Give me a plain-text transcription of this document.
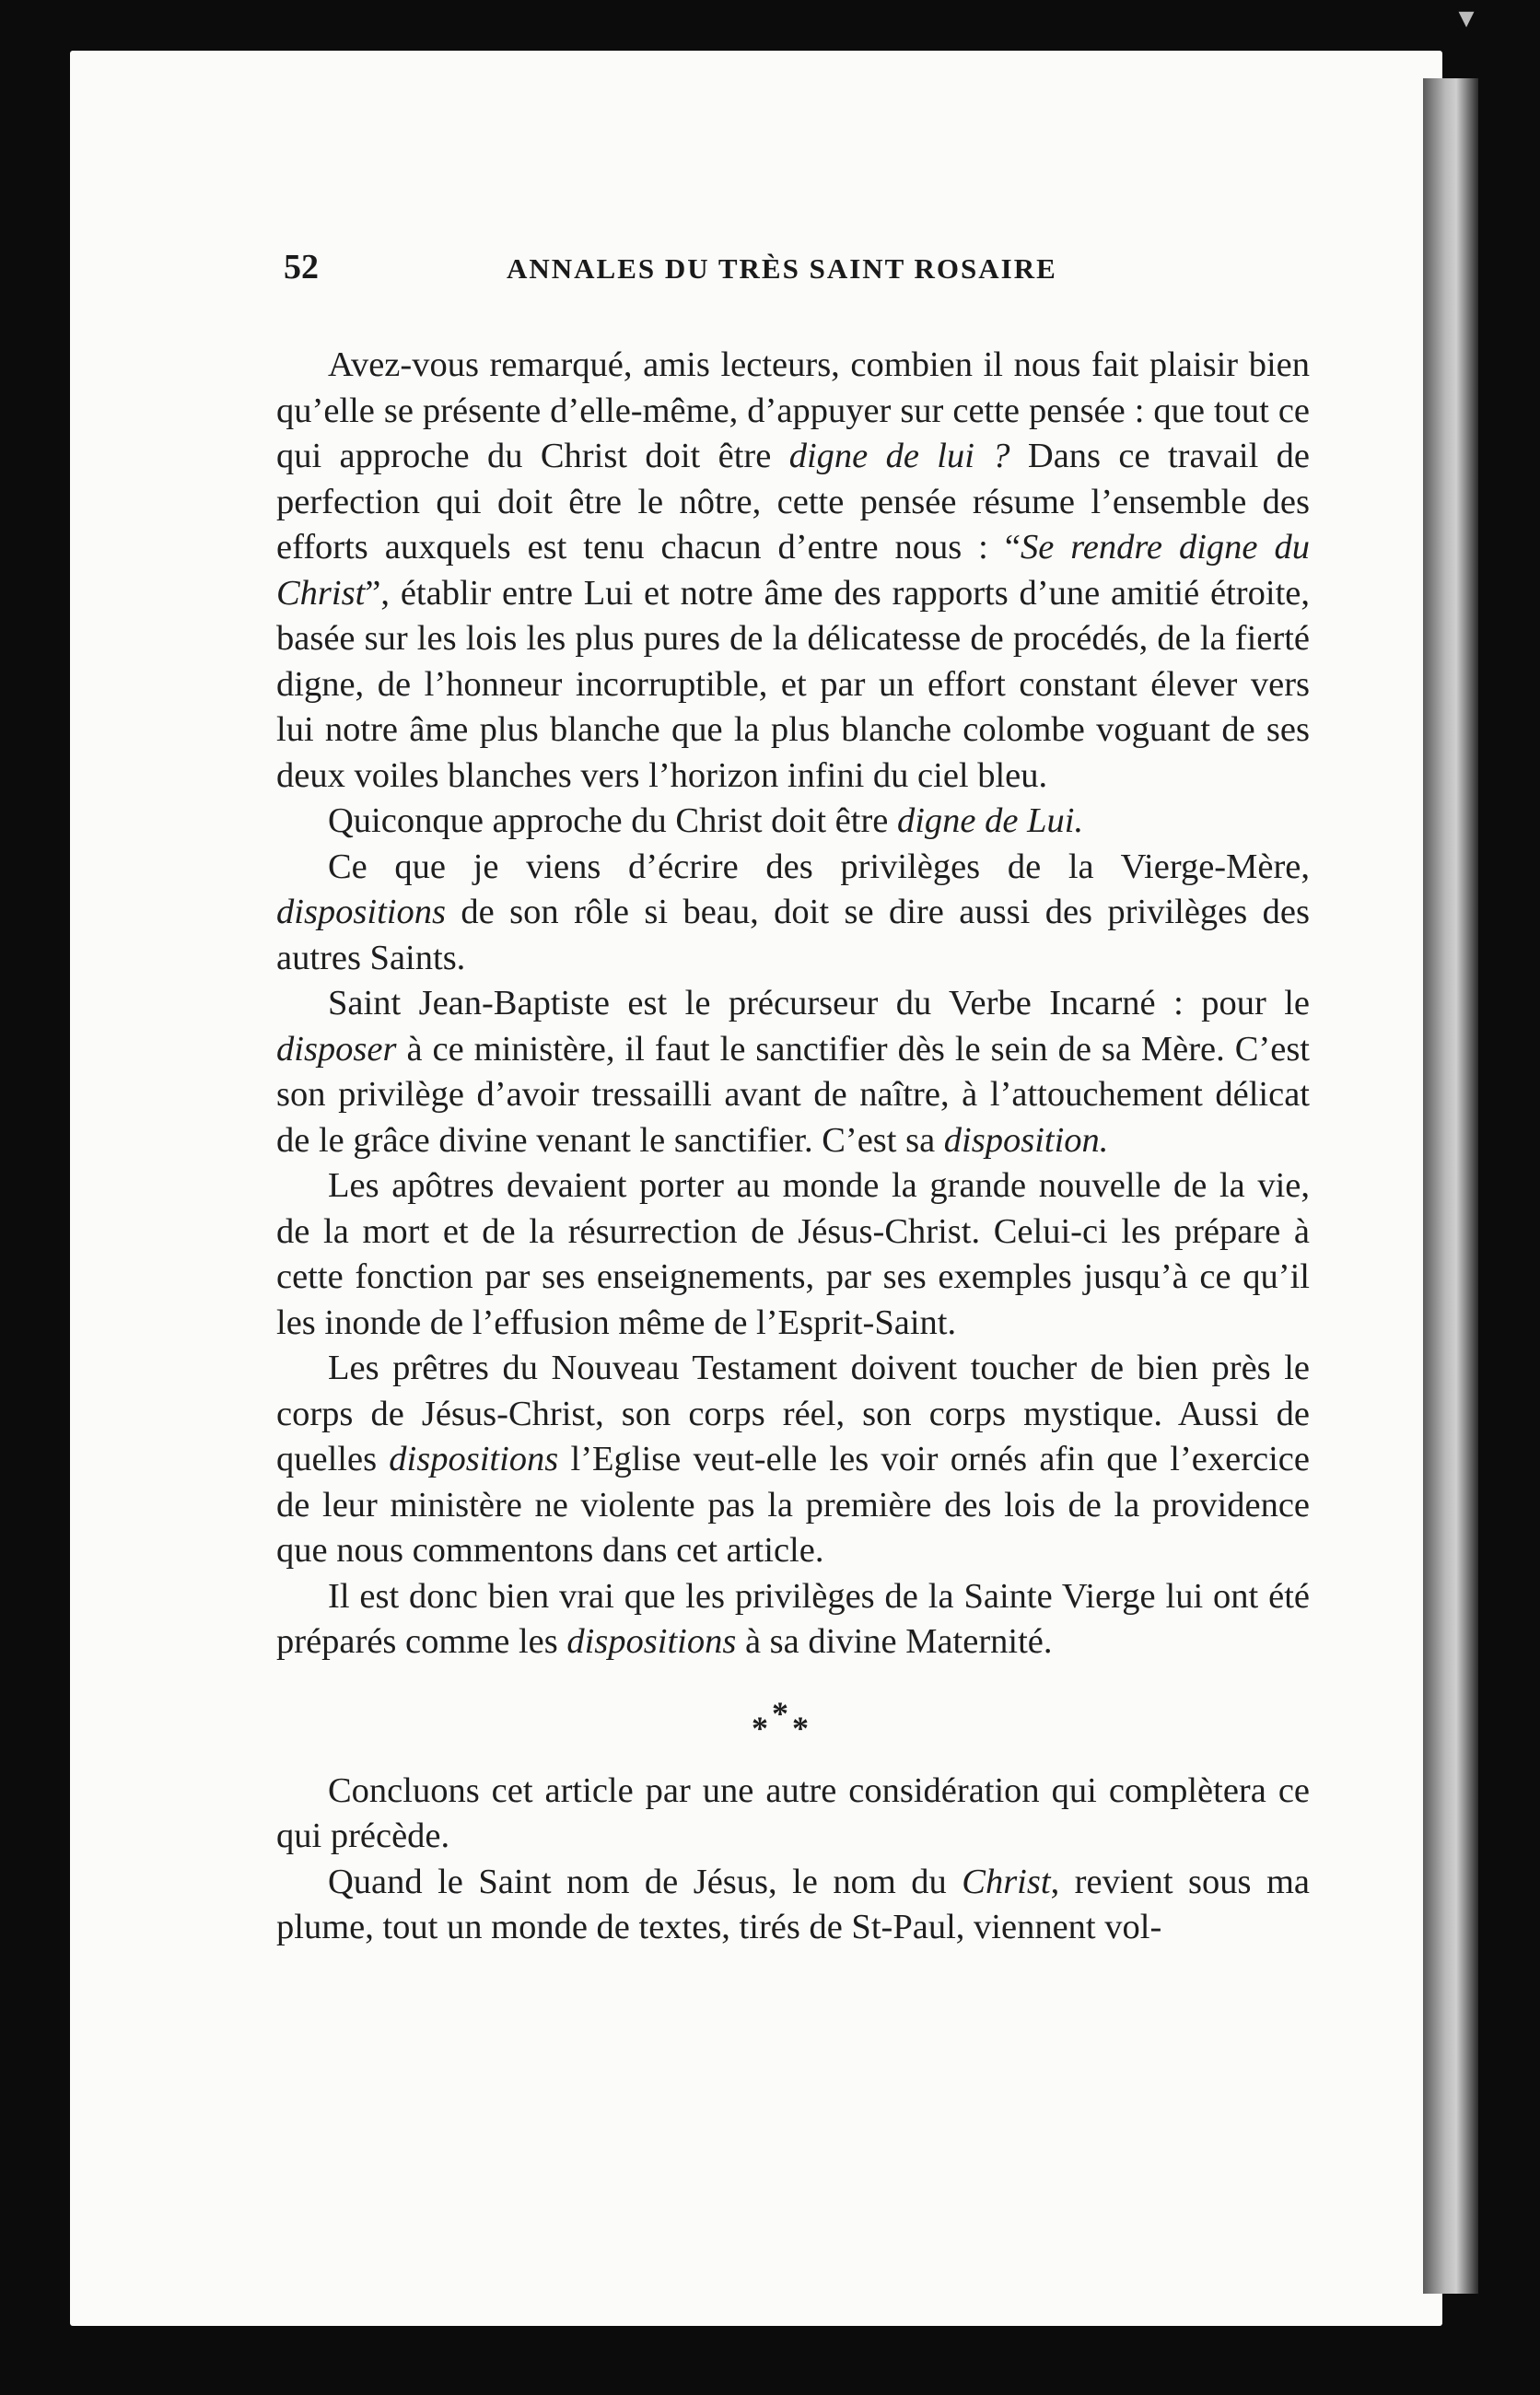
▾
52	ANNALES DU TRÈS SAINT ROSAIRE

Avez-vous remarqué, amis lecteurs, combien il nous fait plaisir bien qu’elle se présente d’elle-même, d’appuyer sur cette pensée : que tout ce qui approche du Christ doit être digne de lui ? Dans ce travail de perfection qui doit être le nôtre, cette pensée résume l’ensemble des efforts auxquels est tenu chacun d’entre nous : “Se rendre digne du Christ”, établir entre Lui et notre âme des rapports d’une amitié étroite, basée sur les lois les plus pures de la délicatesse de procédés, de la fierté digne, de l’honneur incorruptible, et par un effort constant élever vers lui notre âme plus blanche que la plus blanche colombe voguant de ses deux voiles blanches vers l’horizon infini du ciel bleu.

Quiconque approche du Christ doit être digne de Lui.

Ce que je viens d’écrire des privilèges de la Vierge-Mère, dispositions de son rôle si beau, doit se dire aussi des privilèges des autres Saints.

Saint Jean-Baptiste est le précurseur du Verbe Incarné : pour le disposer à ce ministère, il faut le sanctifier dès le sein de sa Mère. C’est son privilège d’avoir tressailli avant de naître, à l’attouchement délicat de le grâce divine venant le sanctifier. C’est sa disposition.

Les apôtres devaient porter au monde la grande nouvelle de la vie, de la mort et de la résurrection de Jésus-Christ. Celui-ci les prépare à cette fonction par ses enseignements, par ses exemples jusqu’à ce qu’il les inonde de l’effusion même de l’Esprit-Saint.

Les prêtres du Nouveau Testament doivent toucher de bien près le corps de Jésus-Christ, son corps réel, son corps mystique. Aussi de quelles dispositions l’Eglise veut-elle les voir ornés afin que l’exercice de leur ministère ne violente pas la première des lois de la providence que nous commentons dans cet article.

Il est donc bien vrai que les privilèges de la Sainte Vierge lui ont été préparés comme les dispositions à sa divine Maternité.

*
* *

Concluons cet article par une autre considération qui complètera ce qui précède.

Quand le Saint nom de Jésus, le nom du Christ, revient sous ma plume, tout un monde de textes, tirés de St-Paul, viennent vol-
